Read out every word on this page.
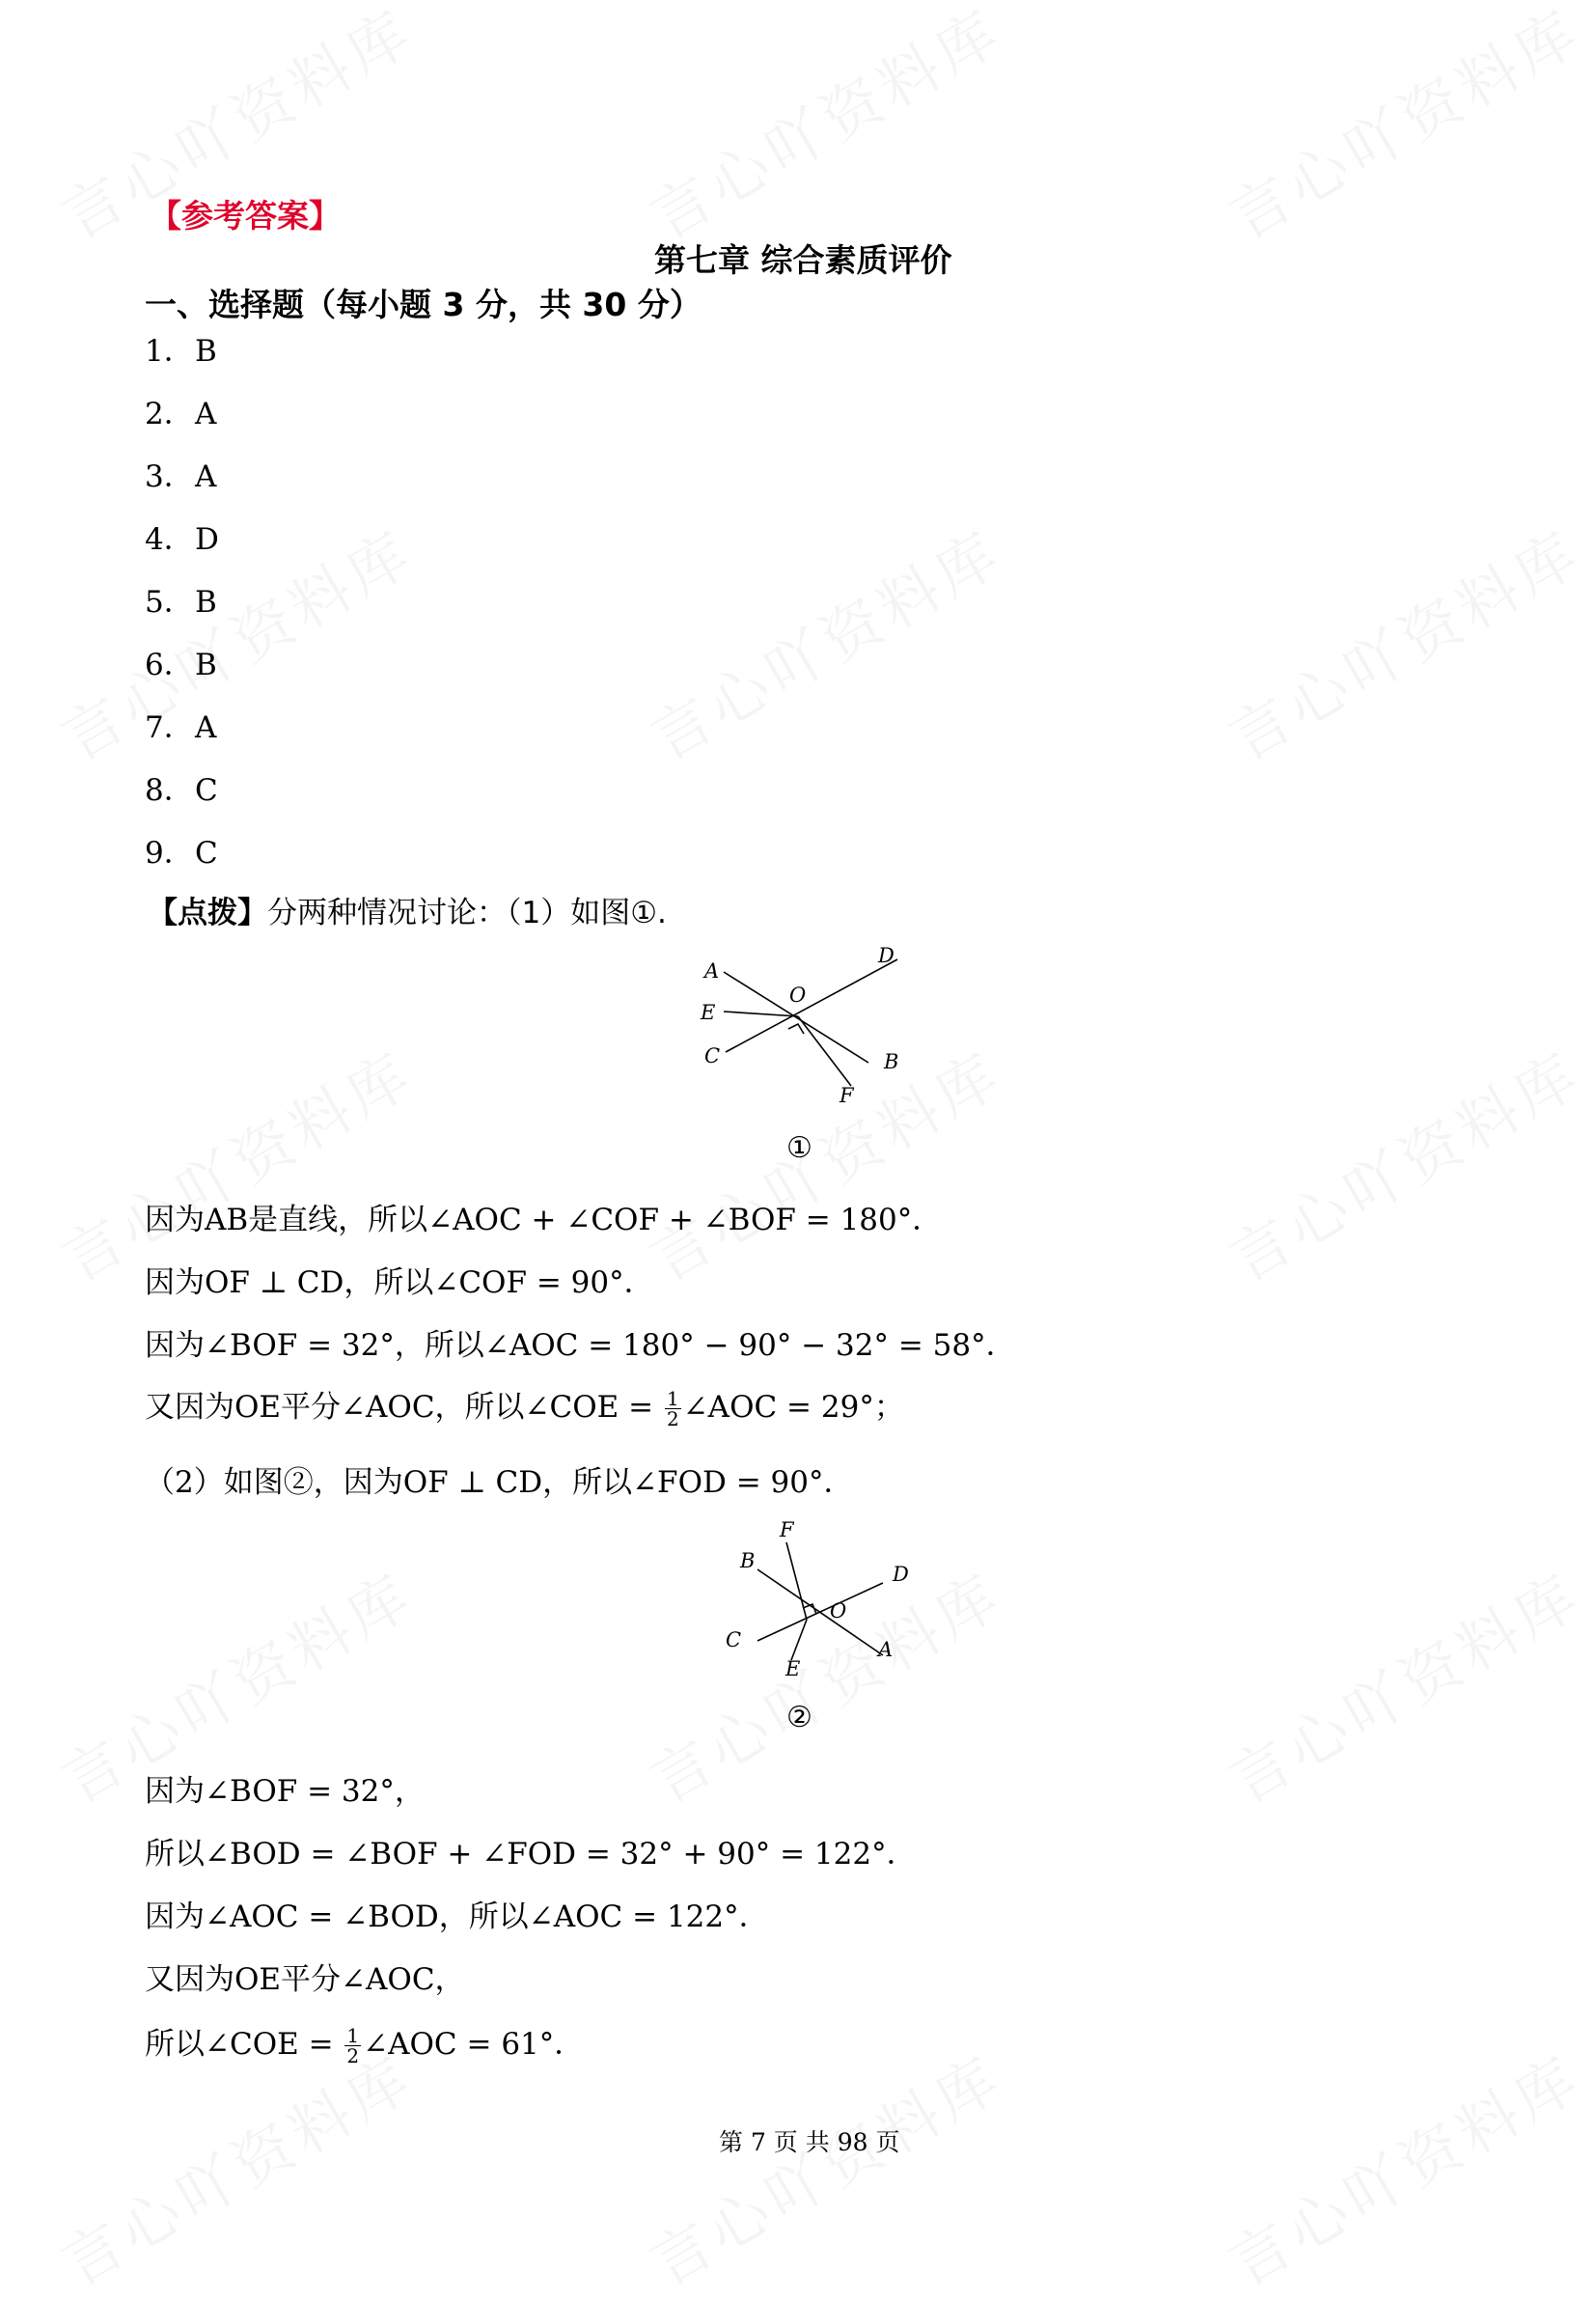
【参考答案】
第七章 综合素质评价
一、选择题（每小题 3 分，共 30 分）
1．B
2．A
3．A
4．D
5．B
6．B
7．A
8．C
9．C
【点拨】分两种情况讨论：（1）如图①.
A
D
O
E
C	B
F
①
因为AB是直线，所以∠AOC + ∠COF + ∠BOF = 180°．
因为OF ⊥ CD，所以∠COF = 90°．
因为∠BOF = 32°，所以∠AOC = 180° − 90° − 32° = 58°．
又因为OE平分∠AOC，所以∠COE = $\frac{1}{2}$ ∠AOC = 29°；
（2）如图②，因为OF ⊥ CD，所以∠FOD = 90°．
F
B
D
O
C
E
A
②
因为∠BOF = 32°，
所以∠BOD = ∠BOF + ∠FOD = 32° + 90° = 122°．
因为∠AOC = ∠BOD，所以∠AOC = 122°．
又因为OE平分∠AOC，
所以∠COE = $\frac{1}{2}$ ∠AOC = 61°．
第 7 页 共 98 页
